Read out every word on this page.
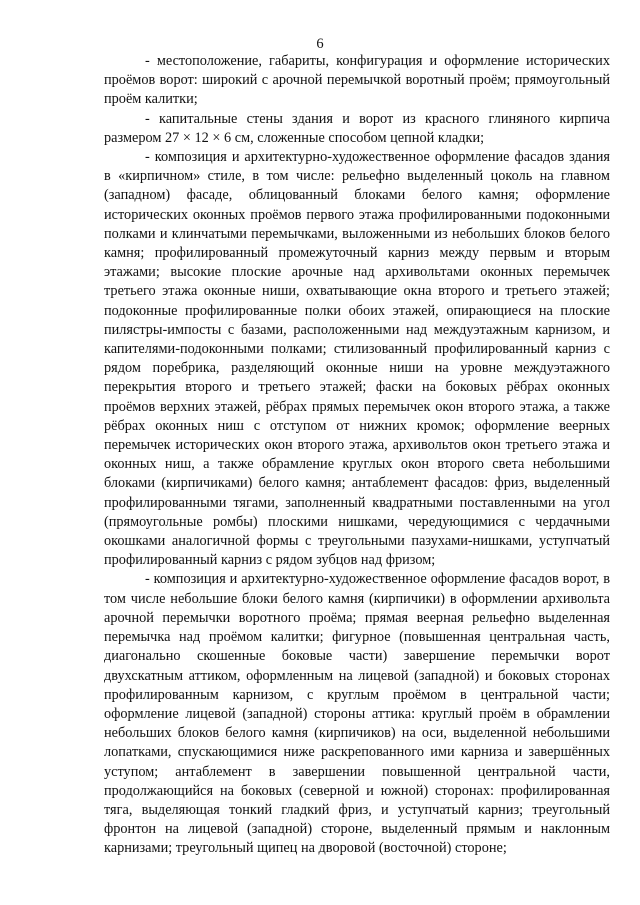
6

- местоположение, габариты, конфигурация и оформление исторических проёмов ворот: широкий с арочной перемычкой воротный проём; прямоугольный проём калитки;

- капитальные стены здания и ворот из красного глиняного кирпича размером 27 × 12 × 6 см, сложенные способом цепной кладки;

- композиция и архитектурно-художественное оформление фасадов здания в «кирпичном» стиле, в том числе: рельефно выделенный цоколь на главном (западном) фасаде, облицованный блоками белого камня; оформление исторических оконных проёмов первого этажа профилированными подоконными полками и клинчатыми перемычками, выложенными из небольших блоков белого камня; профилированный промежуточный карниз между первым и вторым этажами; высокие плоские арочные над архивольтами оконных перемычек третьего этажа оконные ниши, охватывающие окна второго и третьего этажей; подоконные профилированные полки обоих этажей, опирающиеся на плоские пилястры-импосты с базами, расположенными над междуэтажным карнизом, и капителями-подоконными полками; стилизованный профилированный карниз с рядом поребрика, разделяющий оконные ниши на уровне междуэтажного перекрытия второго и третьего этажей; фаски на боковых рёбрах оконных проёмов верхних этажей, рёбрах прямых перемычек окон второго этажа, а также рёбрах оконных ниш с отступом от нижних кромок; оформление веерных перемычек исторических окон второго этажа, архивольтов окон третьего этажа и оконных ниш, а также обрамление круглых окон второго света небольшими блоками (кирпичиками) белого камня; антаблемент фасадов: фриз, выделенный профилированными тягами, заполненный квадратными поставленными на угол (прямоугольные ромбы) плоскими нишками, чередующимися с чердачными окошками аналогичной формы с треугольными пазухами-нишками, уступчатый профилированный карниз с рядом зубцов над фризом;

- композиция и архитектурно-художественное оформление фасадов ворот, в том числе небольшие блоки белого камня (кирпичики) в оформлении архивольта арочной перемычки воротного проёма; прямая веерная рельефно выделенная перемычка над проёмом калитки; фигурное (повышенная центральная часть, диагонально скошенные боковые части) завершение перемычки ворот двухскатным аттиком, оформленным на лицевой (западной) и боковых сторонах профилированным карнизом, с круглым проёмом в центральной части; оформление лицевой (западной) стороны аттика: круглый проём в обрамлении небольших блоков белого камня (кирпичиков) на оси, выделенной небольшими лопатками, спускающимися ниже раскрепованного ими карниза и завершённых уступом; антаблемент в завершении повышенной центральной части, продолжающийся на боковых (северной и южной) сторонах: профилированная тяга, выделяющая тонкий гладкий фриз, и уступчатый карниз; треугольный фронтон на лицевой (западной) стороне, выделенный прямым и наклонным карнизами; треугольный щипец на дворовой (восточной) стороне;
